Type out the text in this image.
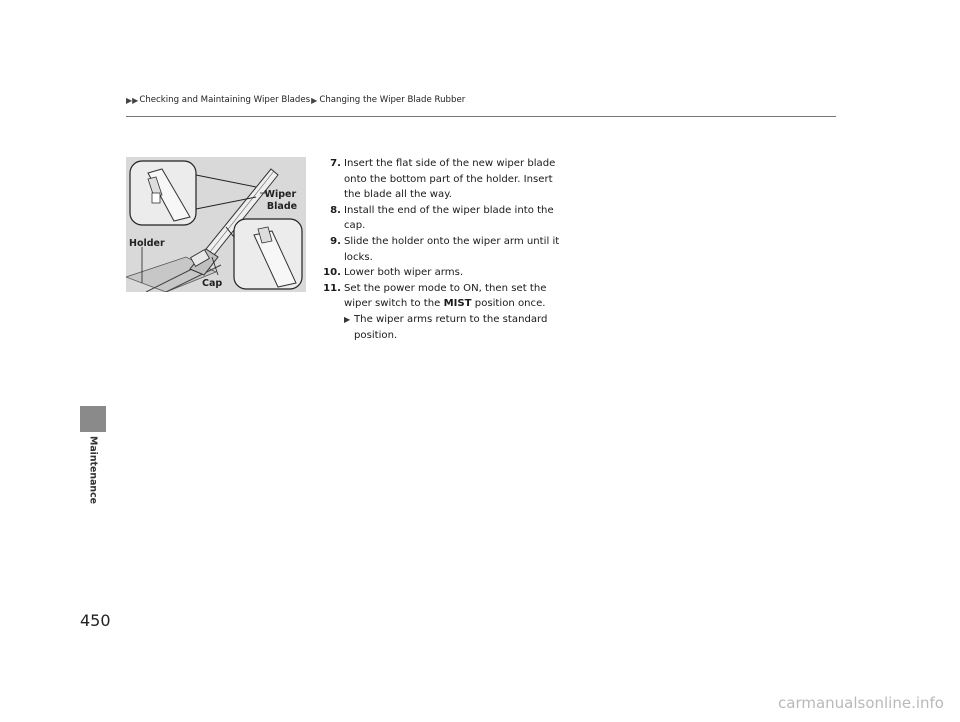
▶▶ Checking and Maintaining Wiper Blades ▶ Changing the Wiper Blade Rubber
Maintenance
Wiper Blade
Holder
Cap
7. Insert the flat side of the new wiper blade onto the bottom part of the holder. Insert the blade all the way.
8. Install the end of the wiper blade into the cap.
9. Slide the holder onto the wiper arm until it locks.
10. Lower both wiper arms.
11. Set the power mode to ON, then set the wiper switch to the MIST position once.
▶ The wiper arms return to the standard position.
450
carmanualsonline.info
